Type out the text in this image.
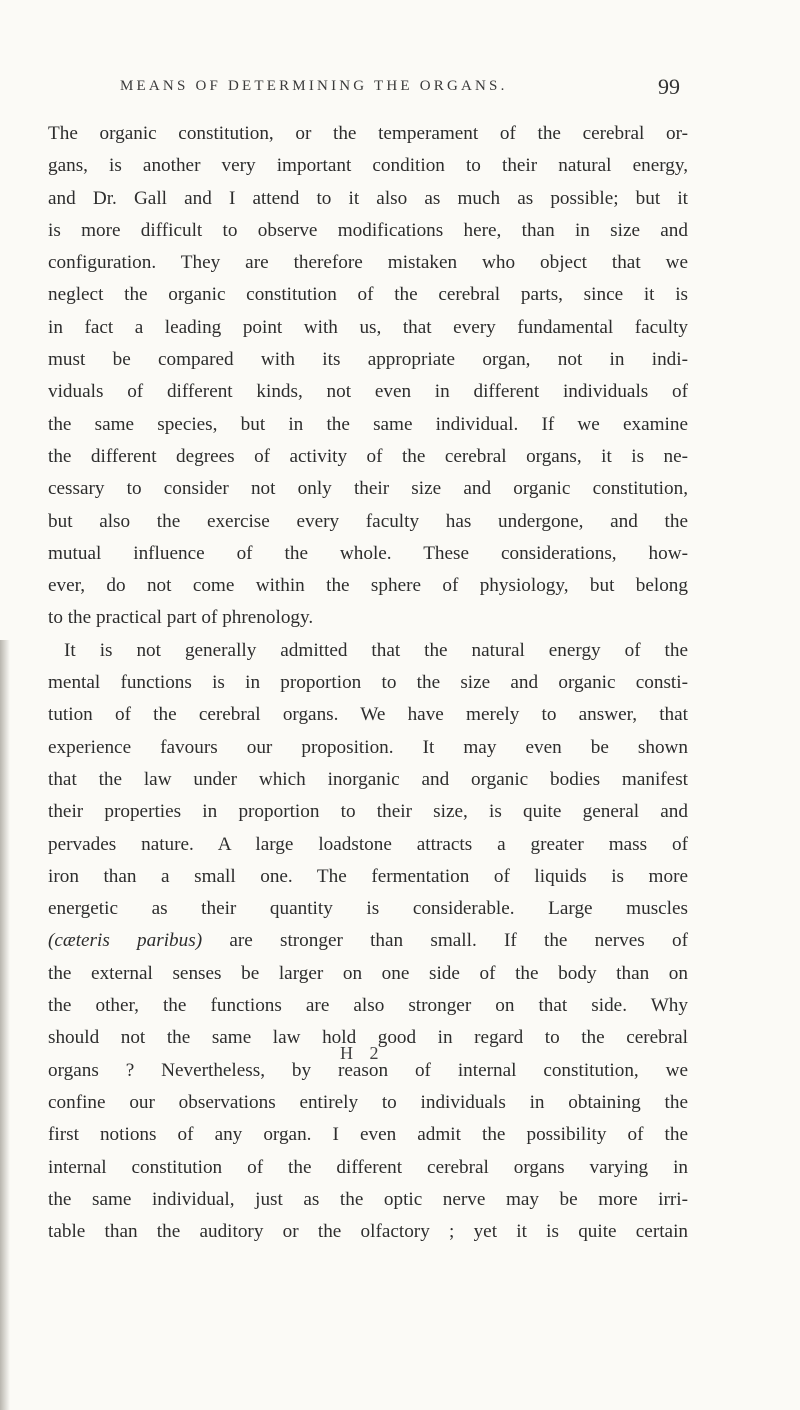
MEANS OF DETERMINING THE ORGANS.	99
The organic constitution, or the temperament of the cerebral or-
gans, is another very important condition to their natural energy,
and Dr. Gall and I attend to it also as much as possible; but it
is more difficult to observe modifications here, than in size and
configuration. They are therefore mistaken who object that we
neglect the organic constitution of the cerebral parts, since it is
in fact a leading point with us, that every fundamental faculty
must be compared with its appropriate organ, not in indi-
viduals of different kinds, not even in different individuals of
the same species, but in the same individual. If we examine
the different degrees of activity of the cerebral organs, it is ne-
cessary to consider not only their size and organic constitution,
but also the exercise every faculty has undergone, and the
mutual influence of the whole. These considerations, how-
ever, do not come within the sphere of physiology, but belong
to the practical part of phrenology.
It is not generally admitted that the natural energy of the
mental functions is in proportion to the size and organic consti-
tution of the cerebral organs. We have merely to answer, that
experience favours our proposition. It may even be shown
that the law under which inorganic and organic bodies manifest
their properties in proportion to their size, is quite general and
pervades nature. A large loadstone attracts a greater mass of
iron than a small one. The fermentation of liquids is more
energetic as their quantity is considerable. Large muscles
(cæteris paribus) are stronger than small. If the nerves of
the external senses be larger on one side of the body than on
the other, the functions are also stronger on that side. Why
should not the same law hold good in regard to the cerebral
organs ? Nevertheless, by reason of internal constitution, we
confine our observations entirely to individuals in obtaining the
first notions of any organ. I even admit the possibility of the
internal constitution of the different cerebral organs varying in
the same individual, just as the optic nerve may be more irri-
table than the auditory or the olfactory ; yet it is quite certain
H 2
